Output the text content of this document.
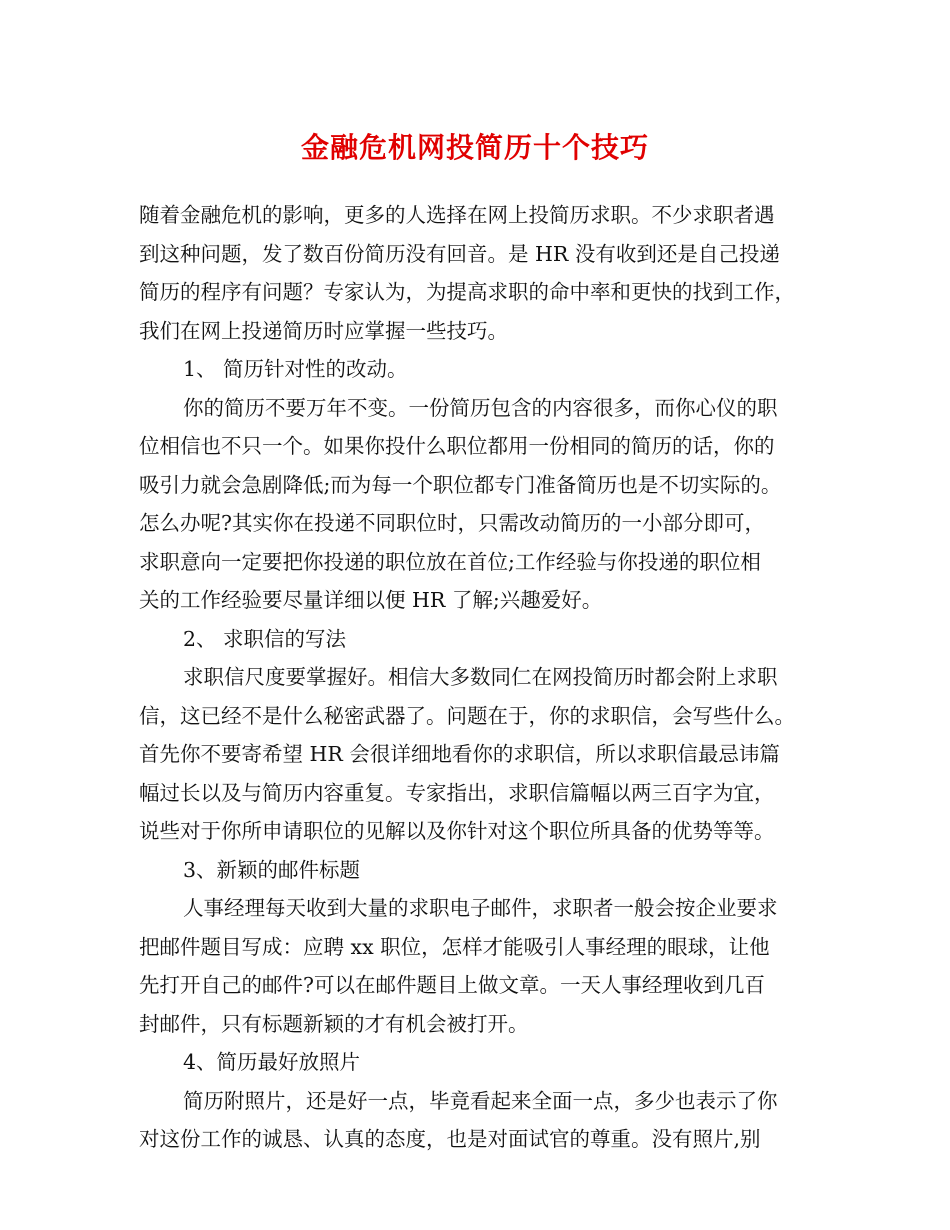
金融危机网投简历十个技巧
随着金融危机的影响，更多的人选择在网上投简历求职。不少求职者遇
到这种问题，发了数百份简历没有回音。是 HR 没有收到还是自己投递
简历的程序有问题？专家认为，为提高求职的命中率和更快的找到工作，
我们在网上投递简历时应掌握一些技巧。
1、 简历针对性的改动。
你的简历不要万年不变。一份简历包含的内容很多，而你心仪的职
位相信也不只一个。如果你投什么职位都用一份相同的简历的话，你的
吸引力就会急剧降低;而为每一个职位都专门准备简历也是不切实际的。
怎么办呢?其实你在投递不同职位时，只需改动简历的一小部分即可，
求职意向一定要把你投递的职位放在首位;工作经验与你投递的职位相
关的工作经验要尽量详细以便 HR 了解;兴趣爱好。
2、 求职信的写法
求职信尺度要掌握好。相信大多数同仁在网投简历时都会附上求职
信，这已经不是什么秘密武器了。问题在于，你的求职信，会写些什么。
首先你不要寄希望 HR 会很详细地看你的求职信，所以求职信最忌讳篇
幅过长以及与简历内容重复。专家指出，求职信篇幅以两三百字为宜，
说些对于你所申请职位的见解以及你针对这个职位所具备的优势等等。
3、新颖的邮件标题
人事经理每天收到大量的求职电子邮件，求职者一般会按企业要求
把邮件题目写成：应聘 xx 职位，怎样才能吸引人事经理的眼球，让他
先打开自己的邮件?可以在邮件题目上做文章。一天人事经理收到几百
封邮件，只有标题新颖的才有机会被打开。
4、简历最好放照片
简历附照片，还是好一点，毕竟看起来全面一点，多少也表示了你
对这份工作的诚恳、认真的态度，也是对面试官的尊重。没有照片,别
